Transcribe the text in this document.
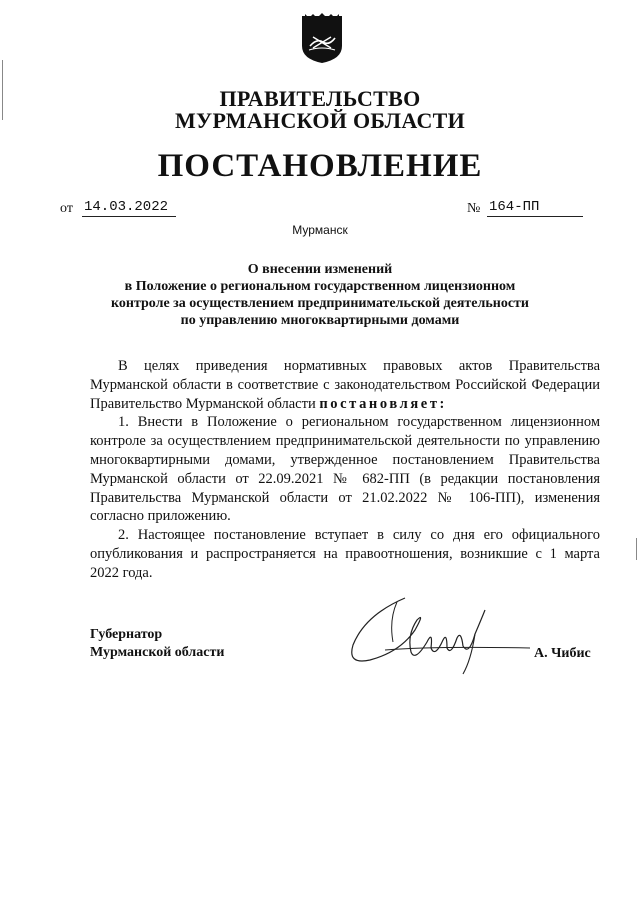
ПРАВИТЕЛЬСТВО
МУРМАНСКОЙ ОБЛАСТИ
ПОСТАНОВЛЕНИЕ
от 14.03.2022	№ 164-ПП
Мурманск
О внесении изменений
в Положение о региональном государственном лицензионном
контроле за осуществлением предпринимательской деятельности
по управлению многоквартирными домами

В целях приведения нормативных правовых актов Правительства Мурманской области в соответствие с законодательством Российской Федерации Правительство Мурманской области постановляет:

1. Внести в Положение о региональном государственном лицензионном контроле за осуществлением предпринимательской деятельности по управлению многоквартирными домами, утвержденное постановлением Правительства Мурманской области от 22.09.2021 № 682-ПП (в редакции постановления Правительства Мурманской области от 21.02.2022 № 106-ПП), изменения согласно приложению.

2. Настоящее постановление вступает в силу со дня его официального опубликования и распространяется на правоотношения, возникшие с 1 марта 2022 года.

Губернатор
Мурманской области	А. Чибис
